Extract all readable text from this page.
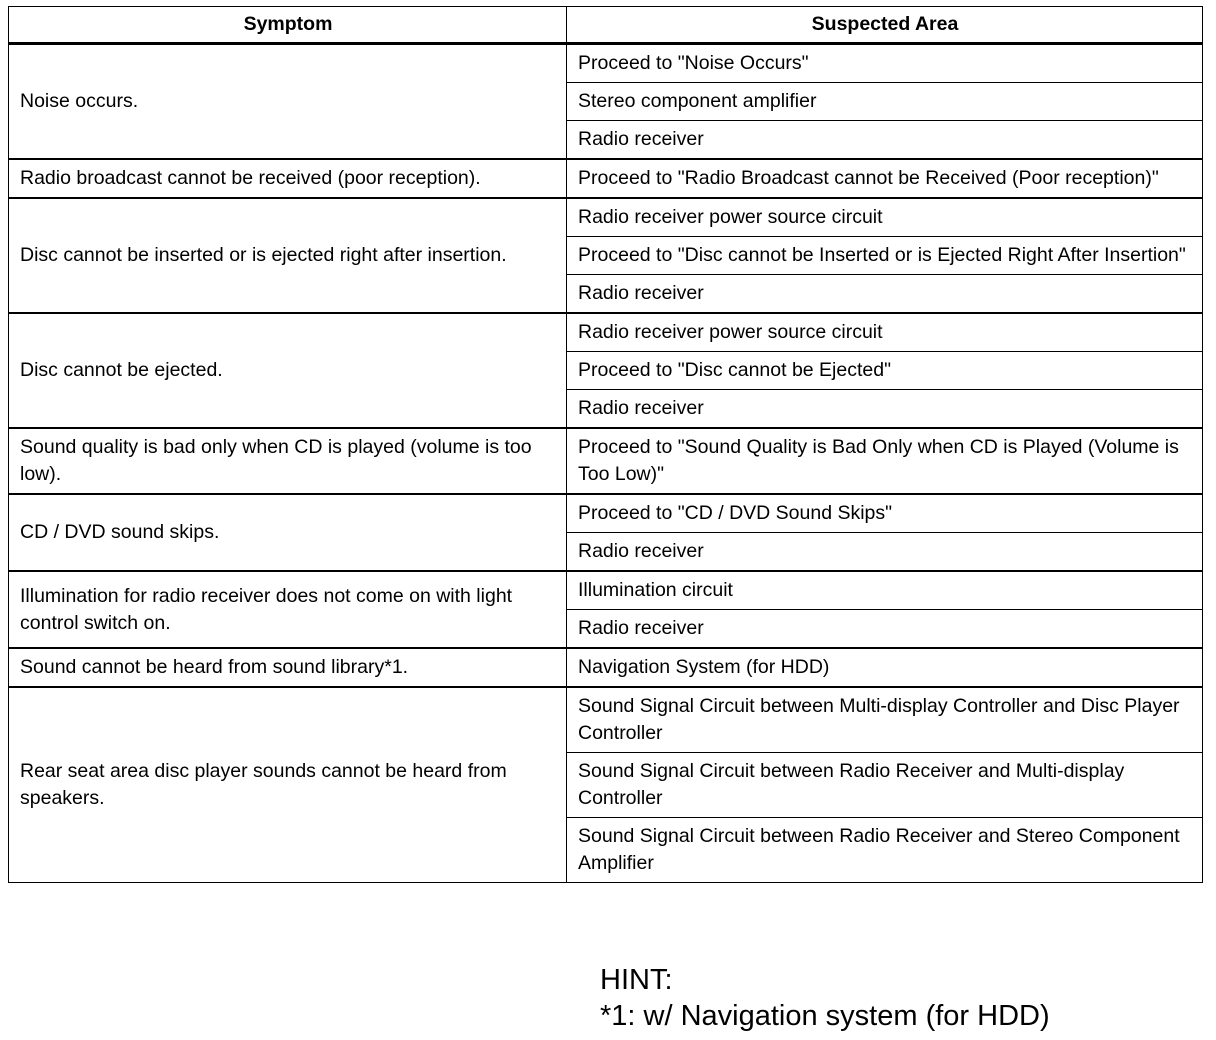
Symptom	Suspected Area
Noise occurs.	Proceed to "Noise Occurs"
	Stereo component amplifier
	Radio receiver
Radio broadcast cannot be received (poor reception).	Proceed to "Radio Broadcast cannot be Received (Poor reception)"
Disc cannot be inserted or is ejected right after insertion.	Radio receiver power source circuit
	Proceed to "Disc cannot be Inserted or is Ejected Right After Insertion"
	Radio receiver
Disc cannot be ejected.	Radio receiver power source circuit
	Proceed to "Disc cannot be Ejected"
	Radio receiver
Sound quality is bad only when CD is played (volume is too low).	Proceed to "Sound Quality is Bad Only when CD is Played (Volume is Too Low)"
CD / DVD sound skips.	Proceed to "CD / DVD Sound Skips"
	Radio receiver
Illumination for radio receiver does not come on with light control switch on.	Illumination circuit
	Radio receiver
Sound cannot be heard from sound library*1.	Navigation System (for HDD)
Rear seat area disc player sounds cannot be heard from speakers.	Sound Signal Circuit between Multi-display Controller and Disc Player Controller
	Sound Signal Circuit between Radio Receiver and Multi-display Controller
	Sound Signal Circuit between Radio Receiver and Stereo Component Amplifier
HINT:
*1: w/ Navigation system (for HDD)
